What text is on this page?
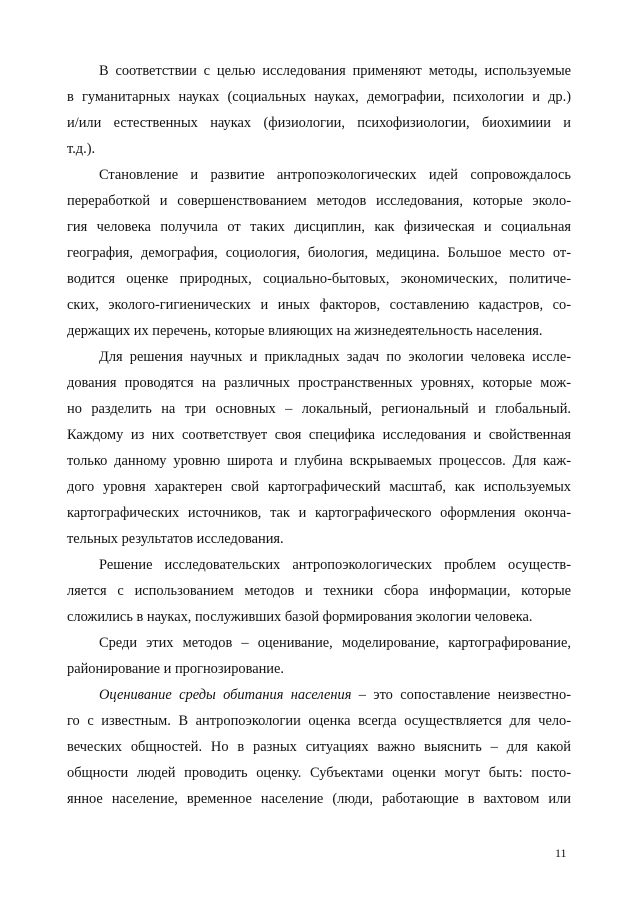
В соответствии с целью исследования применяют методы, используемые
в гуманитарных науках (социальных науках, демографии, психологии и др.)
и/или естественных науках (физиологии, психофизиологии, биохимиии и
т.д.).
Становление и развитие антропоэкологических идей сопровождалось
переработкой и совершенствованием методов исследования, которые эколо-
гия человека получила от таких дисциплин, как физическая и социальная
география, демография, социология, биология, медицина. Большое место от-
водится оценке природных, социально-бытовых, экономических, политиче-
ских, эколого-гигиенических и иных факторов, составлению кадастров, со-
держащих их перечень, которые влияющих на жизнедеятельность населения.
Для решения научных и прикладных задач по экологии человека иссле-
дования проводятся на различных пространственных уровнях, которые мож-
но разделить на три основных – локальный, региональный и глобальный.
Каждому из них соответствует своя специфика исследования и свойственная
только данному уровню широта и глубина вскрываемых процессов. Для каж-
дого уровня характерен свой картографический масштаб, как используемых
картографических источников, так и картографического оформления оконча-
тельных результатов исследования.
Решение исследовательских антропоэкологических проблем осуществ-
ляется с использованием методов и техники сбора информации, которые
сложились в науках, послуживших базой формирования экологии человека.
Среди этих методов – оценивание, моделирование, картографирование,
районирование и прогнозирование.
Оценивание среды обитания населения – это сопоставление неизвестно-
го с известным. В антропоэкологии оценка всегда осуществляется для чело-
веческих общностей. Но в разных ситуациях важно выяснить – для какой
общности людей проводить оценку. Субъектами оценки могут быть: посто-
янное население, временное население (люди, работающие в вахтовом или
11
